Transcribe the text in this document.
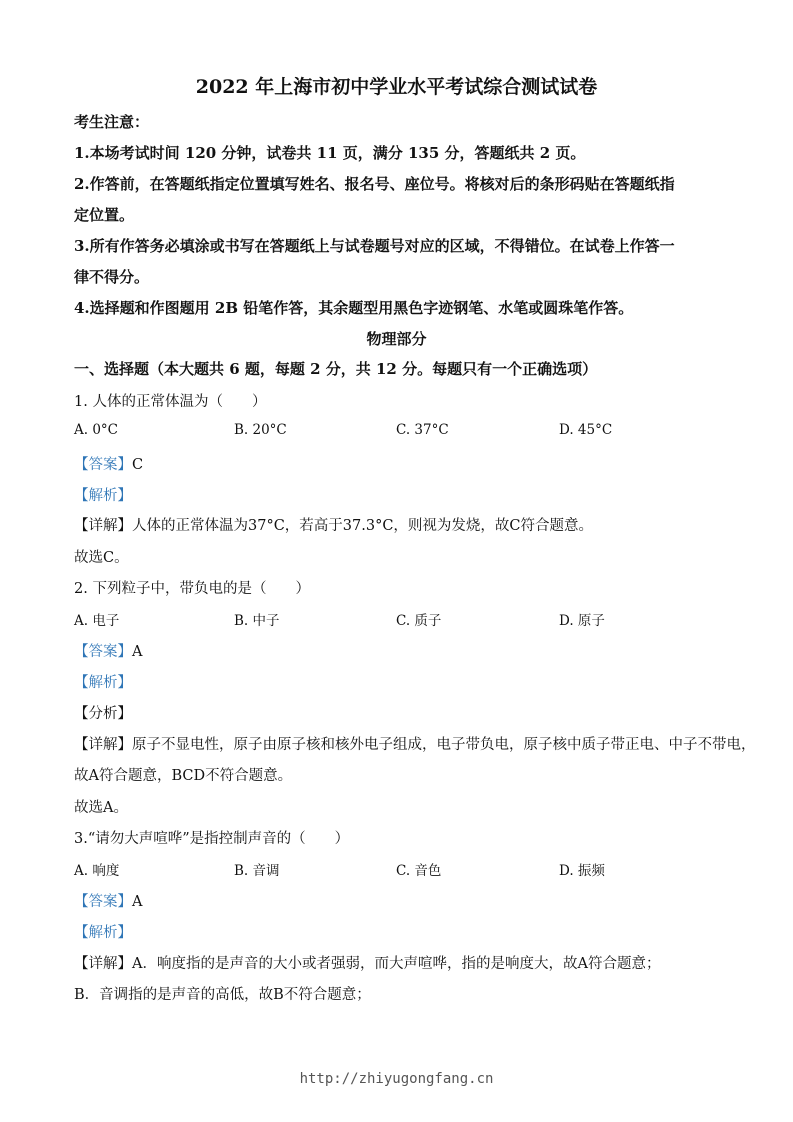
2022 年上海市初中学业水平考试综合测试试卷
考生注意：
1.本场考试时间 120 分钟，试卷共 11 页，满分 135 分，答题纸共 2 页。
2.作答前，在答题纸指定位置填写姓名、报名号、座位号。将核对后的条形码贴在答题纸指
定位置。
3.所有作答务必填涂或书写在答题纸上与试卷题号对应的区域，不得错位。在试卷上作答一
律不得分。
4.选择题和作图题用 2B 铅笔作答，其余题型用黑色字迹钢笔、水笔或圆珠笔作答。
物理部分
一、选择题（本大题共 6 题，每题 2 分，共 12 分。每题只有一个正确选项）
1. 人体的正常体温为（　　）
A. 0°C	B. 20°C	C. 37°C	D. 45°C
【答案】C
【解析】
【详解】人体的正常体温为37°C，若高于37.3°C，则视为发烧，故C符合题意。
故选C。
2. 下列粒子中，带负电的是（　　）
A. 电子	B. 中子	C. 质子	D. 原子
【答案】A
【解析】
【分析】
【详解】原子不显电性，原子由原子核和核外电子组成，电子带负电，原子核中质子带正电、中子不带电，
故A符合题意，BCD不符合题意。
故选A。
3.“请勿大声喧哗”是指控制声音的（　　）
A. 响度	B. 音调	C. 音色	D. 振频
【答案】A
【解析】
【详解】A．响度指的是声音的大小或者强弱，而大声喧哗，指的是响度大，故A符合题意；
B．音调指的是声音的高低，故B不符合题意；
http://zhiyugongfang.cn
